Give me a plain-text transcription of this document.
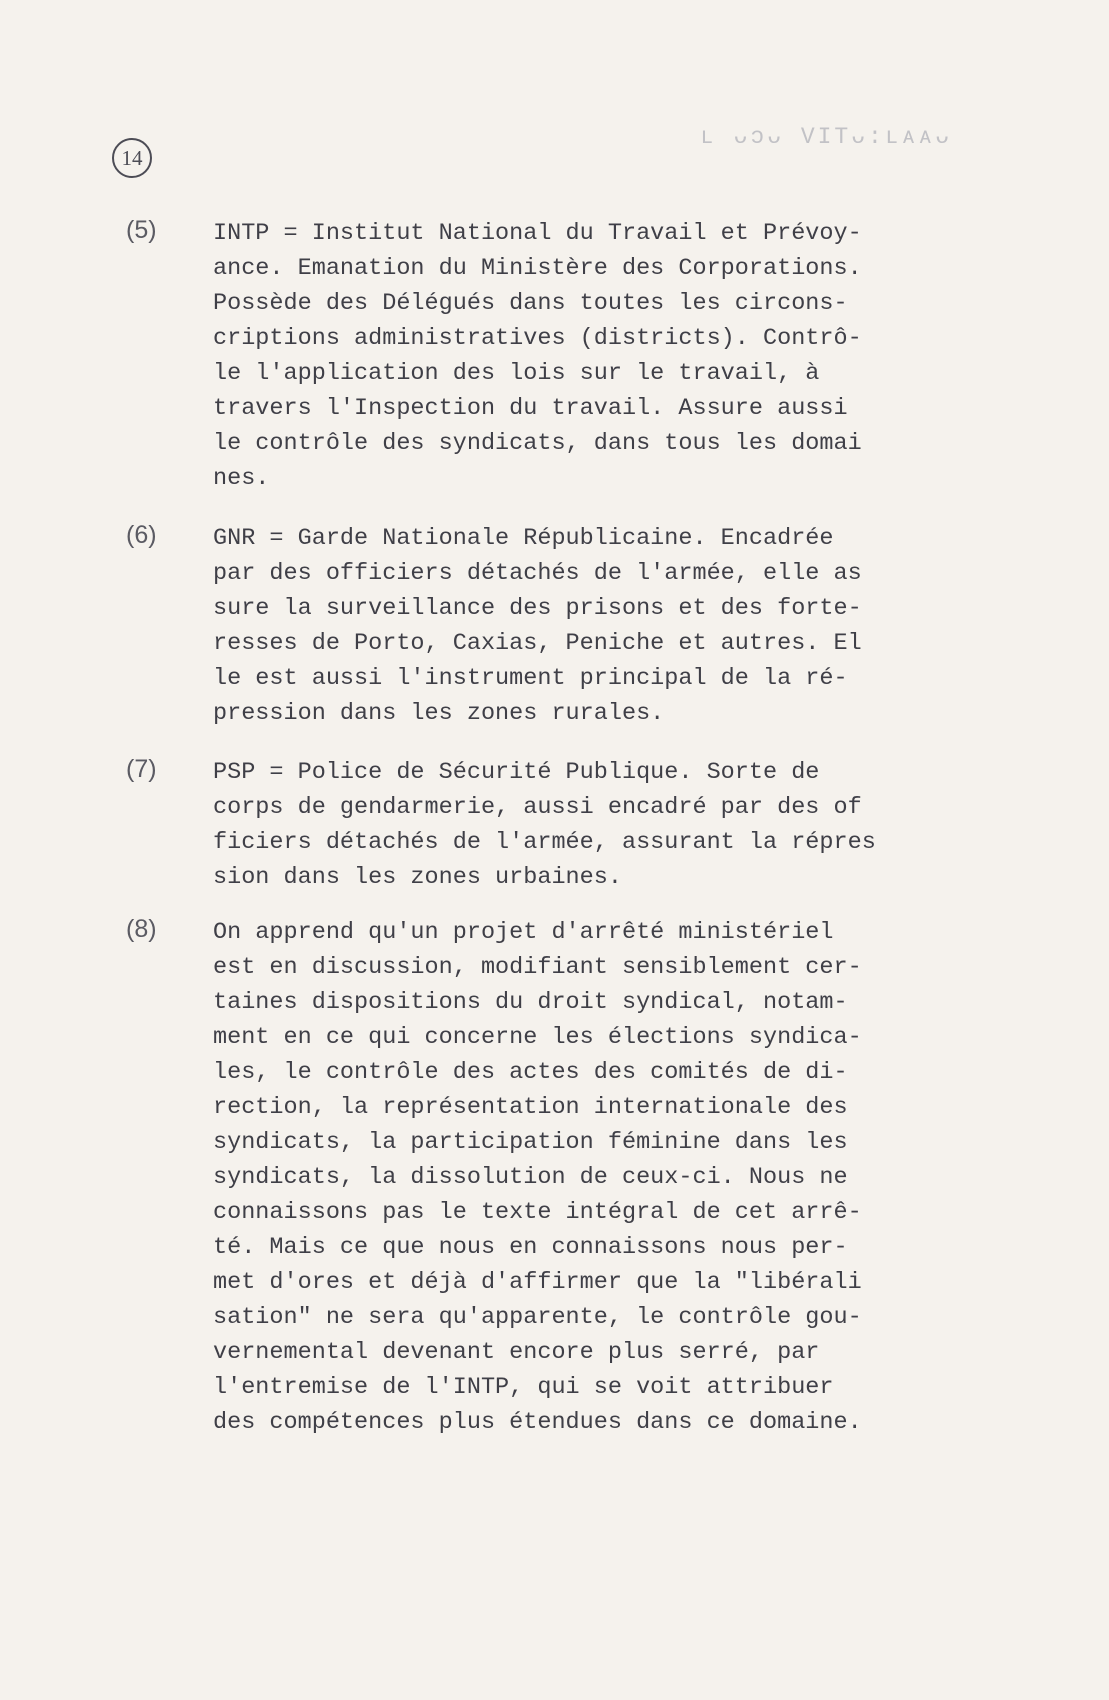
14
ʟ ᴗɔᴗ VITᴗ:ʟᴀᴀᴗ
(5) INTP = Institut National du Travail et Prévoy-
ance. Emanation du Ministère des Corporations.
Possède des Délégués dans toutes les circons-
criptions administratives (districts). Contrô-
le l'application des lois sur le travail, à
travers l'Inspection du travail. Assure aussi
le contrôle des syndicats, dans tous les domai
nes.
(6) GNR = Garde Nationale Républicaine. Encadrée
par des officiers détachés de l'armée, elle as
sure la surveillance des prisons et des forte-
resses de Porto, Caxias, Peniche et autres. El
le est aussi l'instrument principal de la ré-
pression dans les zones rurales.
(7) PSP = Police de Sécurité Publique. Sorte de
corps de gendarmerie, aussi encadré par des of
ficiers détachés de l'armée, assurant la répres
sion dans les zones urbaines.
(8) On apprend qu'un projet d'arrêté ministériel
est en discussion, modifiant sensiblement cer-
taines dispositions du droit syndical, notam-
ment en ce qui concerne les élections syndica-
les, le contrôle des actes des comités de di-
rection, la représentation internationale des
syndicats, la participation féminine dans les
syndicats, la dissolution de ceux-ci. Nous ne
connaissons pas le texte intégral de cet arrê-
té. Mais ce que nous en connaissons nous per-
met d'ores et déjà d'affirmer que la "libérali
sation" ne sera qu'apparente, le contrôle gou-
vernemental devenant encore plus serré, par
l'entremise de l'INTP, qui se voit attribuer
des compétences plus étendues dans ce domaine.
